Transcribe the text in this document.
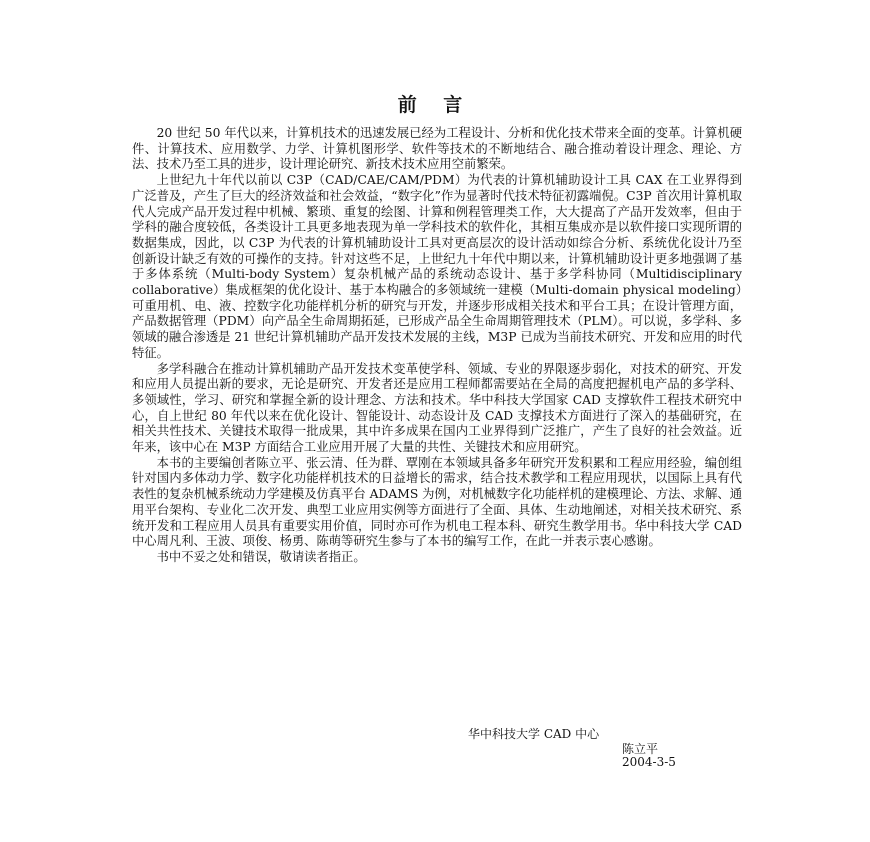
前 言

20 世纪 50 年代以来，计算机技术的迅速发展已经为工程设计、分析和优化技术带来全面的变革。计算机硬件、计算技术、应用数学、力学、计算机图形学、软件等技术的不断地结合、融合推动着设计理念、理论、方法、技术乃至工具的进步，设计理论研究、新技术技术应用空前繁荣。

上世纪九十年代以前以 C3P（CAD/CAE/CAM/PDM）为代表的计算机辅助设计工具 CAX 在工业界得到广泛普及，产生了巨大的经济效益和社会效益，“数字化”作为显著时代技术特征初露端倪。C3P 首次用计算机取代人完成产品开发过程中机械、繁琐、重复的绘图、计算和例程管理类工作，大大提高了产品开发效率，但由于学科的融合度较低，各类设计工具更多地表现为单一学科技术的软件化，其相互集成亦是以软件接口实现所谓的数据集成，因此，以 C3P 为代表的计算机辅助设计工具对更高层次的设计活动如综合分析、系统优化设计乃至创新设计缺乏有效的可操作的支持。针对这些不足，上世纪九十年代中期以来，计算机辅助设计更多地强调了基于多体系统（Multi-body System）复杂机械产品的系统动态设计、基于多学科协同（Multidisciplinary collaborative）集成框架的优化设计、基于本构融合的多领域统一建模（Multi-domain physical modeling）可重用机、电、液、控数字化功能样机分析的研究与开发，并逐步形成相关技术和平台工具；在设计管理方面，产品数据管理（PDM）向产品全生命周期拓延，已形成产品全生命周期管理技术（PLM）。可以说，多学科、多领域的融合渗透是 21 世纪计算机辅助产品开发技术发展的主线，M3P 已成为当前技术研究、开发和应用的时代特征。

多学科融合在推动计算机辅助产品开发技术变革使学科、领域、专业的界限逐步弱化，对技术的研究、开发和应用人员提出新的要求，无论是研究、开发者还是应用工程师都需要站在全局的高度把握机电产品的多学科、多领域性，学习、研究和掌握全新的设计理念、方法和技术。华中科技大学国家 CAD 支撑软件工程技术研究中心，自上世纪 80 年代以来在优化设计、智能设计、动态设计及 CAD 支撑技术方面进行了深入的基础研究，在相关共性技术、关键技术取得一批成果，其中许多成果在国内工业界得到广泛推广，产生了良好的社会效益。近年来，该中心在 M3P 方面结合工业应用开展了大量的共性、关键技术和应用研究。

本书的主要编创者陈立平、张云清、任为群、覃刚在本领域具备多年研究开发积累和工程应用经验，编创组针对国内多体动力学、数字化功能样机技术的日益增长的需求，结合技术教学和工程应用现状，以国际上具有代表性的复杂机械系统动力学建模及仿真平台 ADAMS 为例，对机械数字化功能样机的建模理论、方法、求解、通用平台架构、专业化二次开发、典型工业应用实例等方面进行了全面、具体、生动地阐述，对相关技术研究、系统开发和工程应用人员具有重要实用价值，同时亦可作为机电工程本科、研究生教学用书。华中科技大学 CAD 中心周凡利、王波、项俊、杨勇、陈萌等研究生参与了本书的编写工作，在此一并表示衷心感谢。

书中不妥之处和错误，敬请读者指正。

华中科技大学 CAD 中心
陈立平
2004-3-5
